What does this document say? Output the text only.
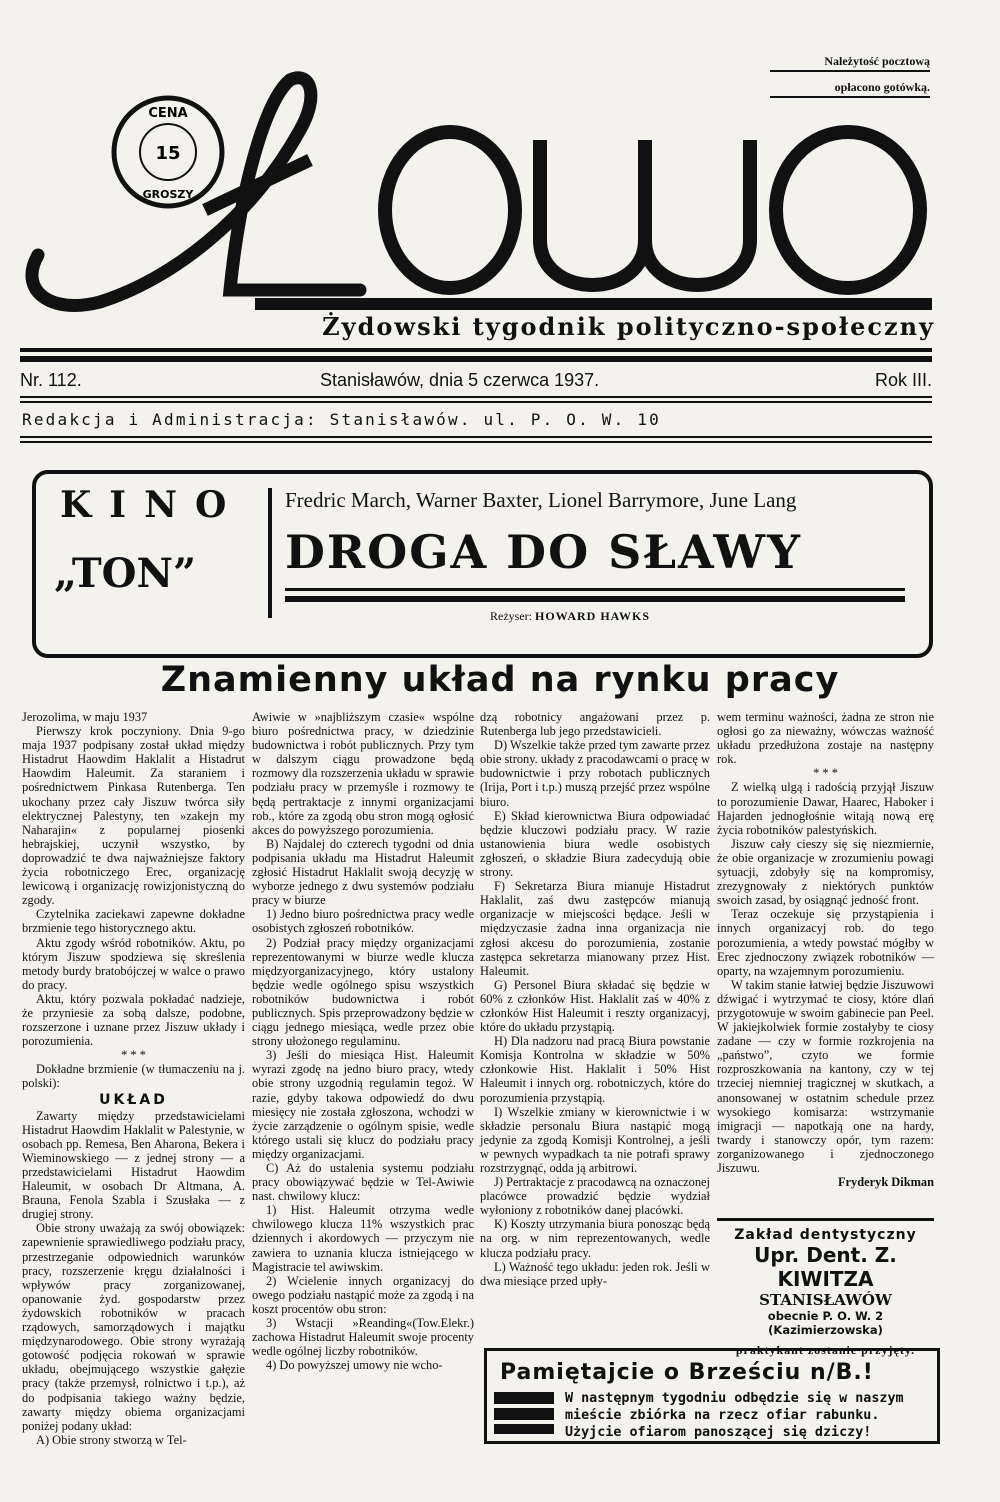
CENA
15
GROSZY
Należytość pocztową
opłacono gotówką.
Żydowski tygodnik polityczno-społeczny
Nr. 112.	Stanisławów, dnia 5 czerwca 1937.	Rok III.
Redakcja i Administracja: Stanisławów. ul. P. O. W. 10
KINO
„TON”
Fredric March, Warner Baxter, Lionel Barrymore, June Lang
DROGA DO SŁAWY
Reżyser: HOWARD HAWKS
Znamienny układ na rynku pracy

Jerozolima, w maju 1937

Pierwszy krok poczyniony. Dnia 9-go maja 1937 podpisany został układ między Histadrut Haowdim Haklalit a Histadrut Haowdim Haleumit. Za staraniem i pośrednictwem Pinkasa Rutenberga. Ten ukochany przez cały Jiszuw twórca siły elektrycznej Palestyny, ten »zakejn my Naharajin« z popularnej piosenki hebrajskiej, uczynił wszystko, by doprowadzić te dwa najważniejsze faktory życia robotniczego Erec, organizację lewicową i organizację rowizjonistyczną do zgody.

Czytelnika zaciekawi zapewne dokładne brzmienie tego historycznego aktu.

Aktu zgody wśród robotników. Aktu, po którym Jiszuw spodziewa się skreślenia metody burdy bratobójczej w walce o prawo do pracy.

Aktu, który pozwala pokładać nadzieje, że przyniesie za sobą dalsze, podobne, rozszerzone i uznane przez Jiszuw układy i porozumienia.

* * *

Dokładne brzmienie (w tłumaczeniu na j. polski):

UKŁAD

Zawarty między przedstawicielami Histadrut Haowdim Haklalit w Palestynie, w osobach pp. Remesa, Ben Aharona, Bekera i Wieminowskiego — z jednej strony — a przedstawicielami Histadrut Haowdim Haleumit, w osobach Dr Altmana, A. Brauna, Fenola Szabla i Szusłaka — z drugiej strony.

Obie strony uważają za swój obowiązek: zapewnienie sprawiedliwego podziału pracy, przestrzeganie odpowiednich warunków pracy, rozszerzenie kręgu działalności i wpływów pracy zorganizowanej, opanowanie żyd. gospodarstw przez żydowskich robotników w pracach rządowych, samorządowych i majątku międzynarodowego. Obie strony wyrażają gotowość podjęcia rokowań w sprawie układu, obejmującego wszystkie gałęzie pracy (także przemysł, rolnictwo i t.p.), aż do podpisania takiego ważny będzie, zawarty między obiema organizacjami poniżej podany układ:

A) Obie strony stworzą w Tel-

Awiwie w »najbliższym czasie« wspólne biuro pośrednictwa pracy, w dziedzinie budownictwa i robót publicznych. Przy tym w dalszym ciągu prowadzone będą rozmowy dla rozszerzenia układu w sprawie podziału pracy w przemyśle i rozmowy te będą pertraktacje z innymi organizacjami rob., które za zgodą obu stron mogą ogłosić akces do powyższego porozumienia.

B) Najdalej do czterech tygodni od dnia podpisania układu ma Histadrut Haleumit zgłosić Histadrut Haklalit swoją decyzję w wyborze jednego z dwu systemów podziału pracy w biurze

1) Jedno biuro pośrednictwa pracy wedle osobistych zgłoszeń robotników.

2) Podział pracy między organizacjami reprezentowanymi w biurze wedle klucza międzyorganizacyjnego, który ustalony będzie wedle ogólnego spisu wszystkich robotników budownictwa i robót publicznych. Spis przeprowadzony będzie w ciągu jednego miesiąca, wedle przez obie strony ułożonego regulaminu.

3) Jeśli do miesiąca Hist. Haleumit wyrazi zgodę na jedno biuro pracy, wtedy obie strony uzgodnią regulamin tegoż. W razie, gdyby takowa odpowiedź do dwu miesięcy nie została zgłoszona, wchodzi w życie zarządzenie o ogólnym spisie, wedle którego ustali się klucz do podziału pracy między organizacjami.

C) Aż do ustalenia systemu podziału pracy obowiązywać będzie w Tel-Awiwie nast. chwilowy klucz:

1) Hist. Haleumit otrzyma wedle chwilowego klucza 11% wszystkich prac dziennych i akordowych — przyczym nie zawiera to uznania klucza istniejącego w Magistracie tel awiwskim.

2) Wcielenie innych organizacyj do owego podziału nastąpić może za zgodą i na koszt procentów obu stron:

3) Wstacji »Reanding«(Tow.Elekr.) zachowa Histadrut Haleumit swoje procenty wedle ogólnej liczby robotników.

4) Do powyższej umowy nie wcho-

dzą robotnicy angażowani przez p. Rutenberga lub jego przedstawicieli.

D) Wszelkie także przed tym zawarte przez obie strony. układy z pracodawcami o pracę w budownictwie i przy robotach publicznych (Irija, Port i t.p.) muszą przejść przez wspólne biuro.

E) Skład kierownictwa Biura odpowiadać będzie kluczowi podziału pracy. W razie ustanowienia biura wedle osobistych zgłoszeń, o składzie Biura zadecydują obie strony.

F) Sekretarza Biura mianuje Histadrut Haklalit, zaś dwu zastępców mianują organizacje w miejscości będące. Jeśli w międzyczasie żadna inna organizacja nie zgłosi akcesu do porozumienia, zostanie zastępca sekretarza mianowany przez Hist. Haleumit.

G) Personel Biura składać się będzie w 60% z członków Hist. Haklalit zaś w 40% z członków Hist Haleumit i reszty organizacyj, które do układu przystąpią.

H) Dla nadzoru nad pracą Biura powstanie Komisja Kontrolna w składzie w 50% członkowie Hist. Haklalit i 50% Hist Haleumit i innych org. robotniczych, które do porozumienia przystąpią.

I) Wszelkie zmiany w kierownictwie i w składzie personalu Biura nastąpić mogą jedynie za zgodą Komisji Kontrolnej, a jeśli w pewnych wypadkach ta nie potrafi sprawy rozstrzygnąć, odda ją arbitrowi.

J) Pertraktacje z pracodawcą na oznaczonej placówce prowadzić będzie wydział wyłoniony z robotników danej placówki.

K) Koszty utrzymania biura ponosząc będą na org. w nim reprezentowanych, wedle klucza podziału pracy.

L) Ważność tego układu: jeden rok. Jeśli w dwa miesiące przed upły-

wem terminu ważności, żadna ze stron nie ogłosi go za nieważny, wówczas ważność układu przedłużona zostaje na następny rok.

* * *

Z wielką ulgą i radością przyjął Jiszuw to porozumienie Dawar, Haarec, Haboker i Hajarden jednogłośnie witają nową erę życia robotników palestyńskich.

Jiszuw cały cieszy się się niezmiernie, że obie organizacje w zrozumieniu powagi sytuacji, zdobyły się na kompromisy, zrezygnowały z niektórych punktów swoich zasad, by osiągnąć jedność front.

Teraz oczekuje się przystąpienia i innych organizacyj rob. do tego porozumienia, a wtedy powstać mógłby w Erec zjednoczony związek robotników — oparty, na wzajemnym porozumieniu.

W takim stanie łatwiej będzie Jiszuwowi dźwigać i wytrzymać te ciosy, które dlań przygotowuje w swoim gabinecie pan Peel. W jakiejkolwiek formie zostałyby te ciosy zadane — czy w formie rozkrojenia na „państwo”, czyto we formie rozproszkowania na kantony, czy w tej trzeciej niemniej tragicznej w skutkach, a anonsowanej w ostatnim schedule przez wysokiego komisarza: wstrzymanie imigracji — napotkają one na hardy, twardy i stanowczy opór, tym razem: zorganizowanego i zjednoczonego Jiszuwu.

Fryderyk Dikman

Zakład dentystyczny
Upr. Dent. Z. KIWITZA
STANISŁAWÓW
obecnie P. O. W. 2 (Kazimierzowska)
praktykant zostanie przyjęty.
Pamiętajcie o Brześciu n/B.!
W następnym tygodniu odbędzie się w naszym mieście zbiórka na rzecz ofiar rabunku. Użyjcie ofiarom panoszącej się dziczy!
